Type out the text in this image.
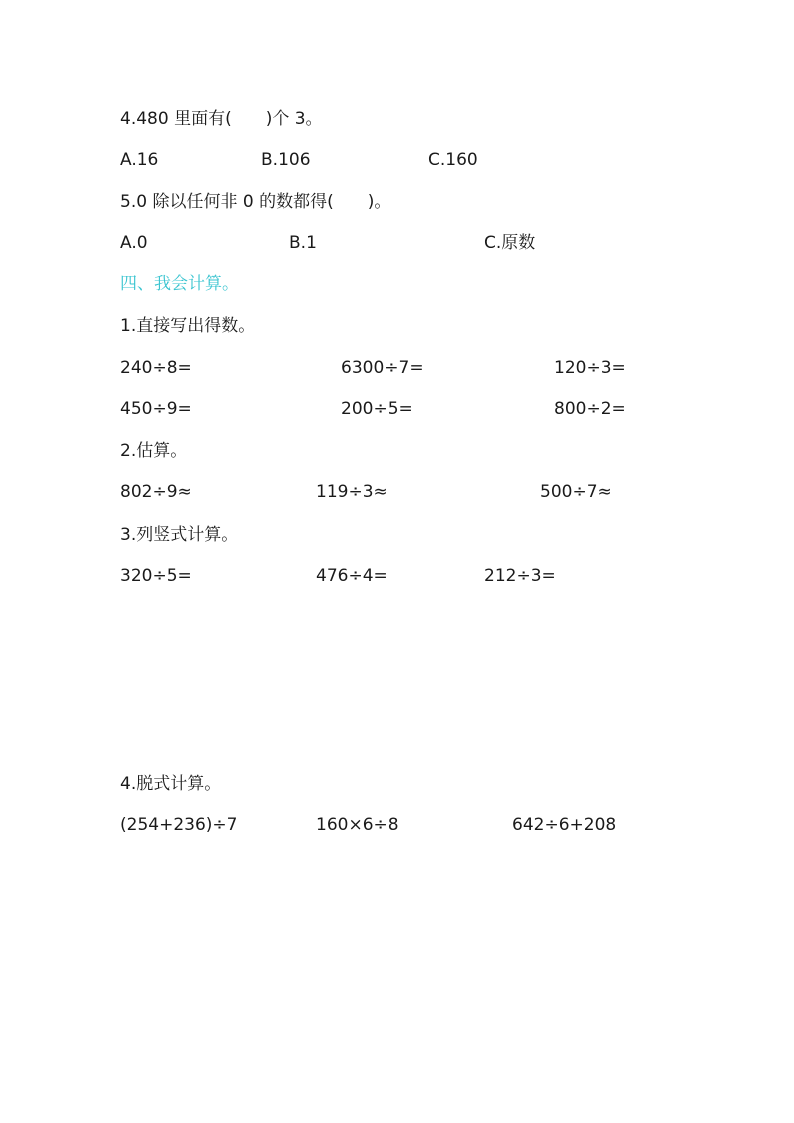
4.480 里面有(　　)个 3。
A.16	B.106	C.160
5.0 除以任何非 0 的数都得(　　)。
A.0	B.1	C.原数
四、我会计算。
1.直接写出得数。
240÷8=	6300÷7=	120÷3=
450÷9=	200÷5=	800÷2=
2.估算。
802÷9≈	119÷3≈	500÷7≈
3.列竖式计算。
320÷5=	476÷4=	212÷3=
4.脱式计算。
(254+236)÷7	160×6÷8	642÷6+208
